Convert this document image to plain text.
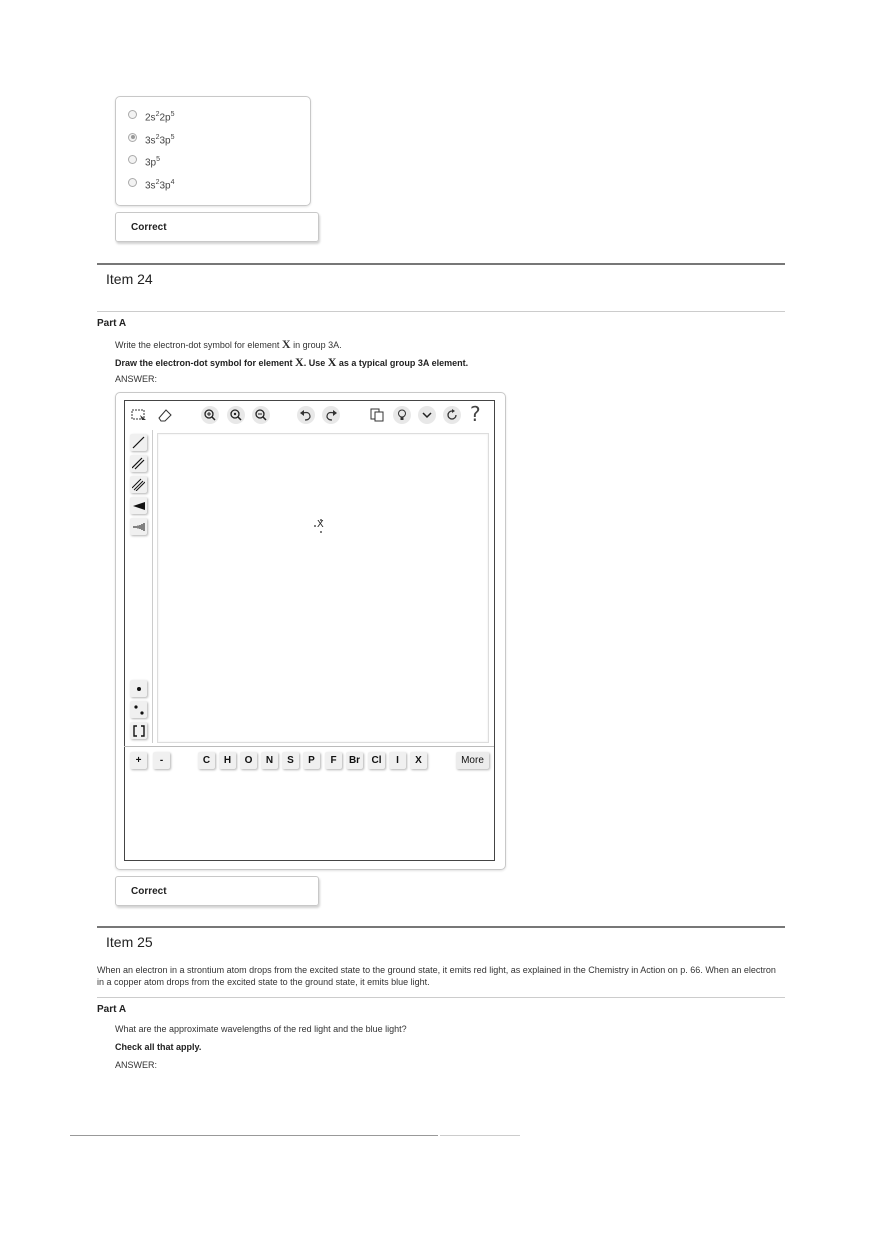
$2s^22p^5$
$3s^23p^5$
$3p^5$
$3s^23p^4$
Correct
Item 24
Part A
Write the electron-dot symbol for element X in group 3A.
Draw the electron-dot symbol for element X. Use X as a typical group 3A element.
ANSWER:
?
X
+	-	C	H	O	N	S	P	F	Br	Cl	I	X	More
Correct
Item 25
When an electron in a strontium atom drops from the excited state to the ground state, it emits red light, as explained in the Chemistry in Action on p. 66. When an electron in a copper atom drops from the excited state to the ground state, it emits blue light.
Part A
What are the approximate wavelengths of the red light and the blue light?
Check all that apply.
ANSWER:
